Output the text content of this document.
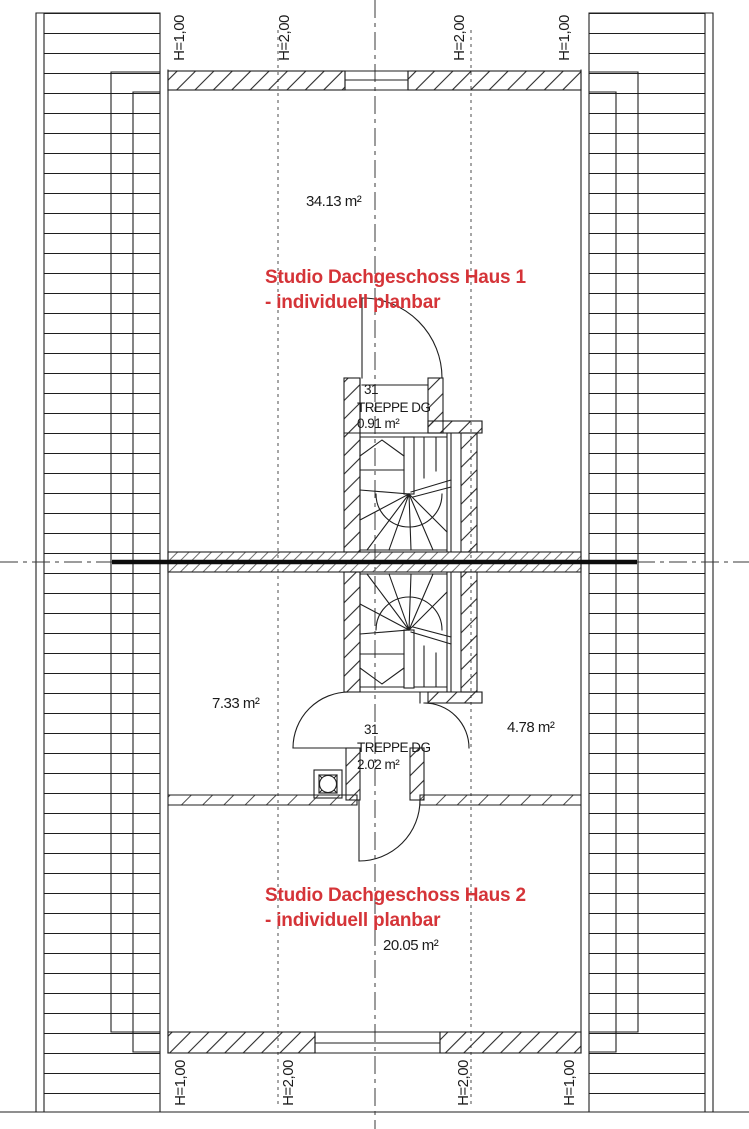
H=1,00	H=2,00	H=2,00	H=1,00
H=1,00	H=2,00	H=2,00	H=1,00
34.13 m²
7.33 m²
4.78 m²
20.05 m²
31
TREPPE DG
0.91 m²
31
TREPPE DG
2.02 m²
Studio Dachgeschoss Haus 1
- individuell planbar
Studio Dachgeschoss Haus 2
- individuell planbar
